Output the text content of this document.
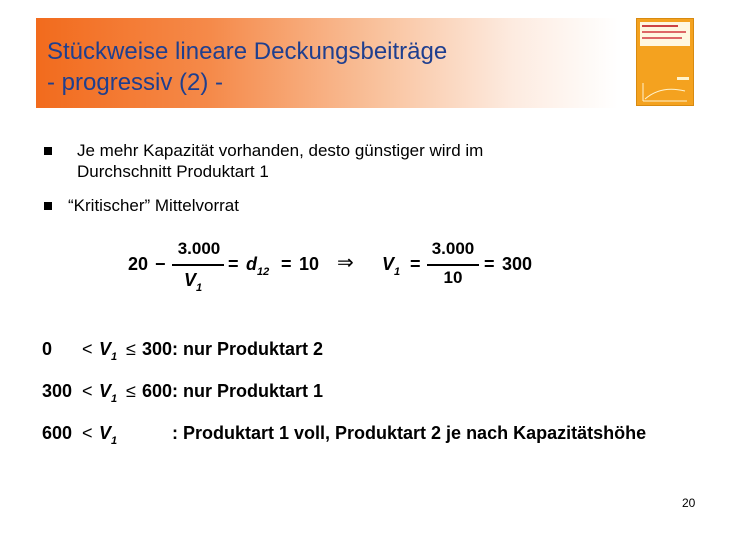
Stückweise lineare Deckungsbeiträge
- progressiv (2) -
Je mehr Kapazität vorhanden, desto günstiger wird im
Durchschnitt Produktart 1
“Kritischer” Mittelvorrat
20 −
3.000
$V_1$
= $d_{12} = 10$ ⇒ $V_1$ =
3.000
10
= 300
$0 < V_1 \le 300$ : nur Produktart 2
$300 < V_1 \le 600$ : nur Produktart 1
$600 < V_1$	: Produktart 1 voll, Produktart 2 je nach Kapazitätshöhe
20
